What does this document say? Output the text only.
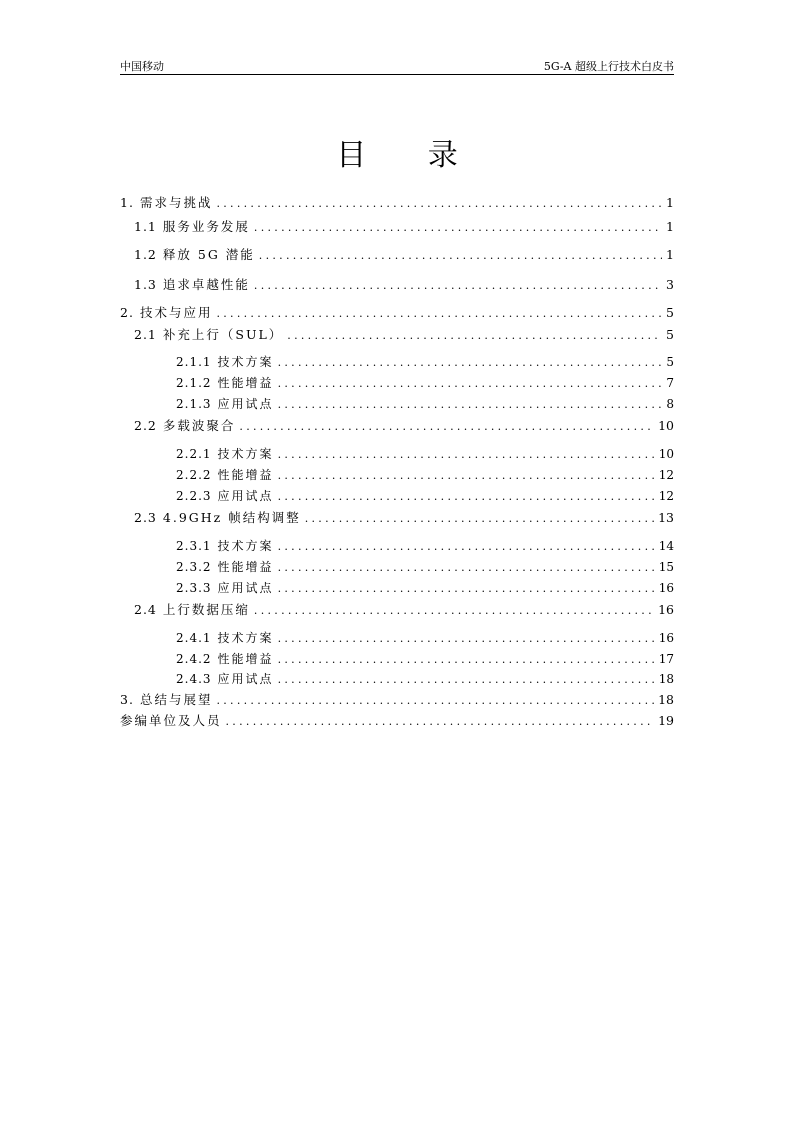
中国移动	5G-A 超级上行技术白皮书
目 录
1. 需求与挑战 .....	1
1.1 服务业务发展 .....	1
1.2 释放 5G 潜能 .....	1
1.3 追求卓越性能 .....	3
2. 技术与应用 .....	5
2.1 补充上行（SUL） .....	5
2.1.1 技术方案 .....	5
2.1.2 性能增益 .....	7
2.1.3 应用试点 .....	8
2.2 多载波聚合 .....	10
2.2.1 技术方案 .....	10
2.2.2 性能增益 .....	12
2.2.3 应用试点 .....	12
2.3 4.9GHz 帧结构调整 .....	13
2.3.1 技术方案 .....	14
2.3.2 性能增益 .....	15
2.3.3 应用试点 .....	16
2.4 上行数据压缩 .....	16
2.4.1 技术方案 .....	16
2.4.2 性能增益 .....	17
2.4.3 应用试点 .....	18
3. 总结与展望 .....	18
参编单位及人员 .....	19
